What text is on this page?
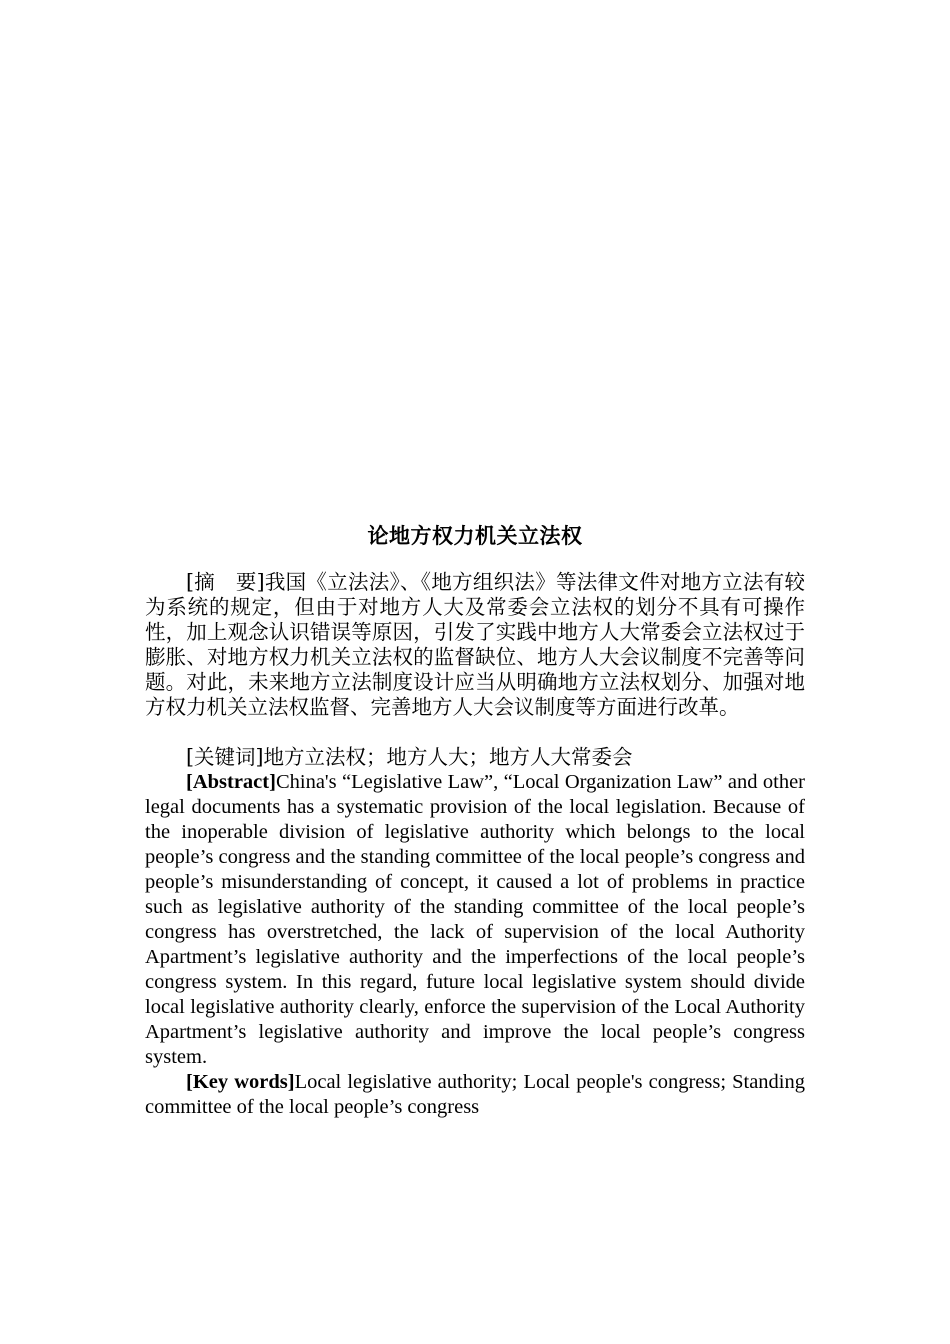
论地方权力机关立法权

[摘　要]我国《立法法》、《地方组织法》等法律文件对地方立法有较为系统的规定，但由于对地方人大及常委会立法权的划分不具有可操作性，加上观念认识错误等原因，引发了实践中地方人大常委会立法权过于膨胀、对地方权力机关立法权的监督缺位、地方人大会议制度不完善等问题。对此，未来地方立法制度设计应当从明确地方立法权划分、加强对地方权力机关立法权监督、完善地方人大会议制度等方面进行改革。

[关键词]地方立法权；地方人大；地方人大常委会

[Abstract]China's “Legislative Law”, “Local Organization Law” and other legal documents has a systematic provision of the local legislation. Because of the inoperable division of legislative authority which belongs to the local people’s congress and the standing committee of the local people’s congress and people’s misunderstanding of concept, it caused a lot of problems in practice such as legislative authority of the standing committee of the local people’s congress has overstretched, the lack of supervision of the local Authority Apartment’s legislative authority and the imperfections of the local people’s congress system. In this regard, future local legislative system should divide local legislative authority clearly, enforce the supervision of the Local Authority Apartment’s legislative authority and improve the local people’s congress system.

[Key words]Local legislative authority; Local people's congress; Standing committee of the local people’s congress
